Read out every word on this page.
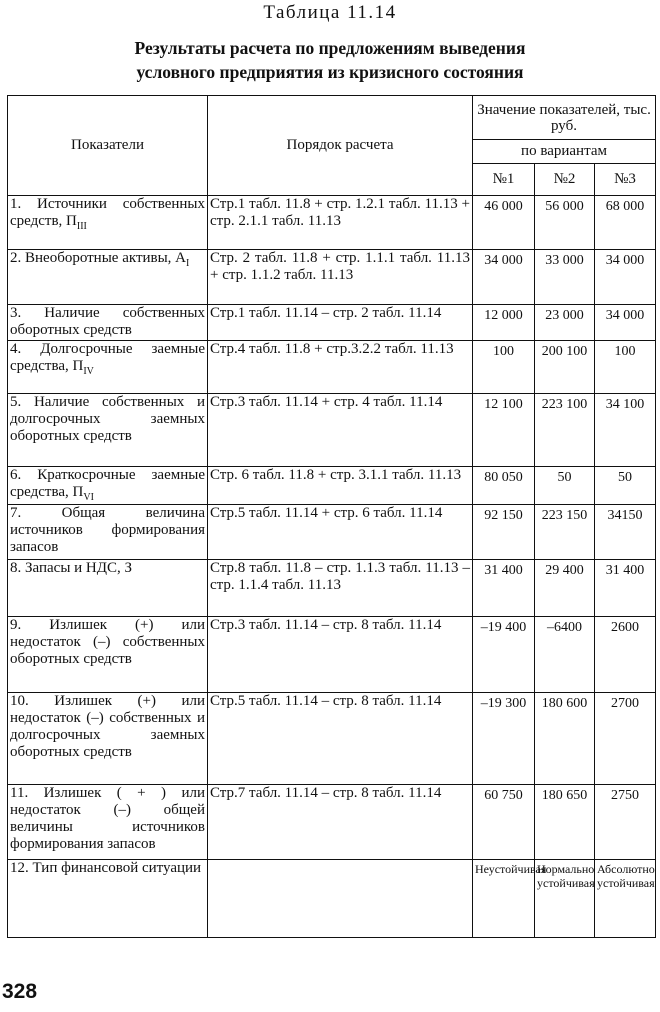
Таблица 11.14
Результаты расчета по предложениям выведения
условного предприятия из кризисного состояния
Показатели	Порядок расчета	Значение показателей, тыс. руб.		
		по вариантам		
		№1	№2	№3
1. Источники собственных средств, $П_{III}$	Стр.1 табл. 11.8 + стр. 1.2.1 табл. 11.13 + стр. 2.1.1 табл. 11.13	46 000	56 000	68 000
2. Внеоборотные активы, $А_I$	Стр. 2 табл. 11.8 + стр. 1.1.1 табл. 11.13 + стр. 1.1.2 табл. 11.13	34 000	33 000	34 000
3. Наличие собственных оборотных средств	Стр.1 табл. 11.14 – стр. 2 табл. 11.14	12 000	23 000	34 000
4. Долгосрочные заемные средства, $П_{IV}$	Стр.4 табл. 11.8 + стр.3.2.2 табл. 11.13	100	200 100	100
5. Наличие собственных и долгосрочных заемных оборотных средств	Стр.3 табл. 11.14 + стр. 4 табл. 11.14	12 100	223 100	34 100
6. Краткосрочные заемные средства, $П_{VI}$	Стр. 6 табл. 11.8 + стр. 3.1.1 табл. 11.13	80 050	50	50
7. Общая величина источников формирования запасов	Стр.5 табл. 11.14 + стр. 6 табл. 11.14	92 150	223 150	34150
8. Запасы и НДС, З	Стр.8 табл. 11.8 – стр. 1.1.3 табл. 11.13 – стр. 1.1.4 табл. 11.13	31 400	29 400	31 400
9. Излишек (+) или недостаток (–) собственных оборотных средств	Стр.3 табл. 11.14 – стр. 8 табл. 11.14	–19 400	–6400	2600
10. Излишек (+) или недостаток (–) собственных и долгосрочных заемных оборотных средств	Стр.5 табл. 11.14 – стр. 8 табл. 11.14	–19 300	180 600	2700
11. Излишек ( + ) или недостаток (–) общей величины источников формирования запасов	Стр.7 табл. 11.14 – стр. 8 табл. 11.14	60 750	180 650	2750
12. Тип финансовой ситуации		Неустойчивая	Нормально устойчивая	Абсолютно устойчивая
328
